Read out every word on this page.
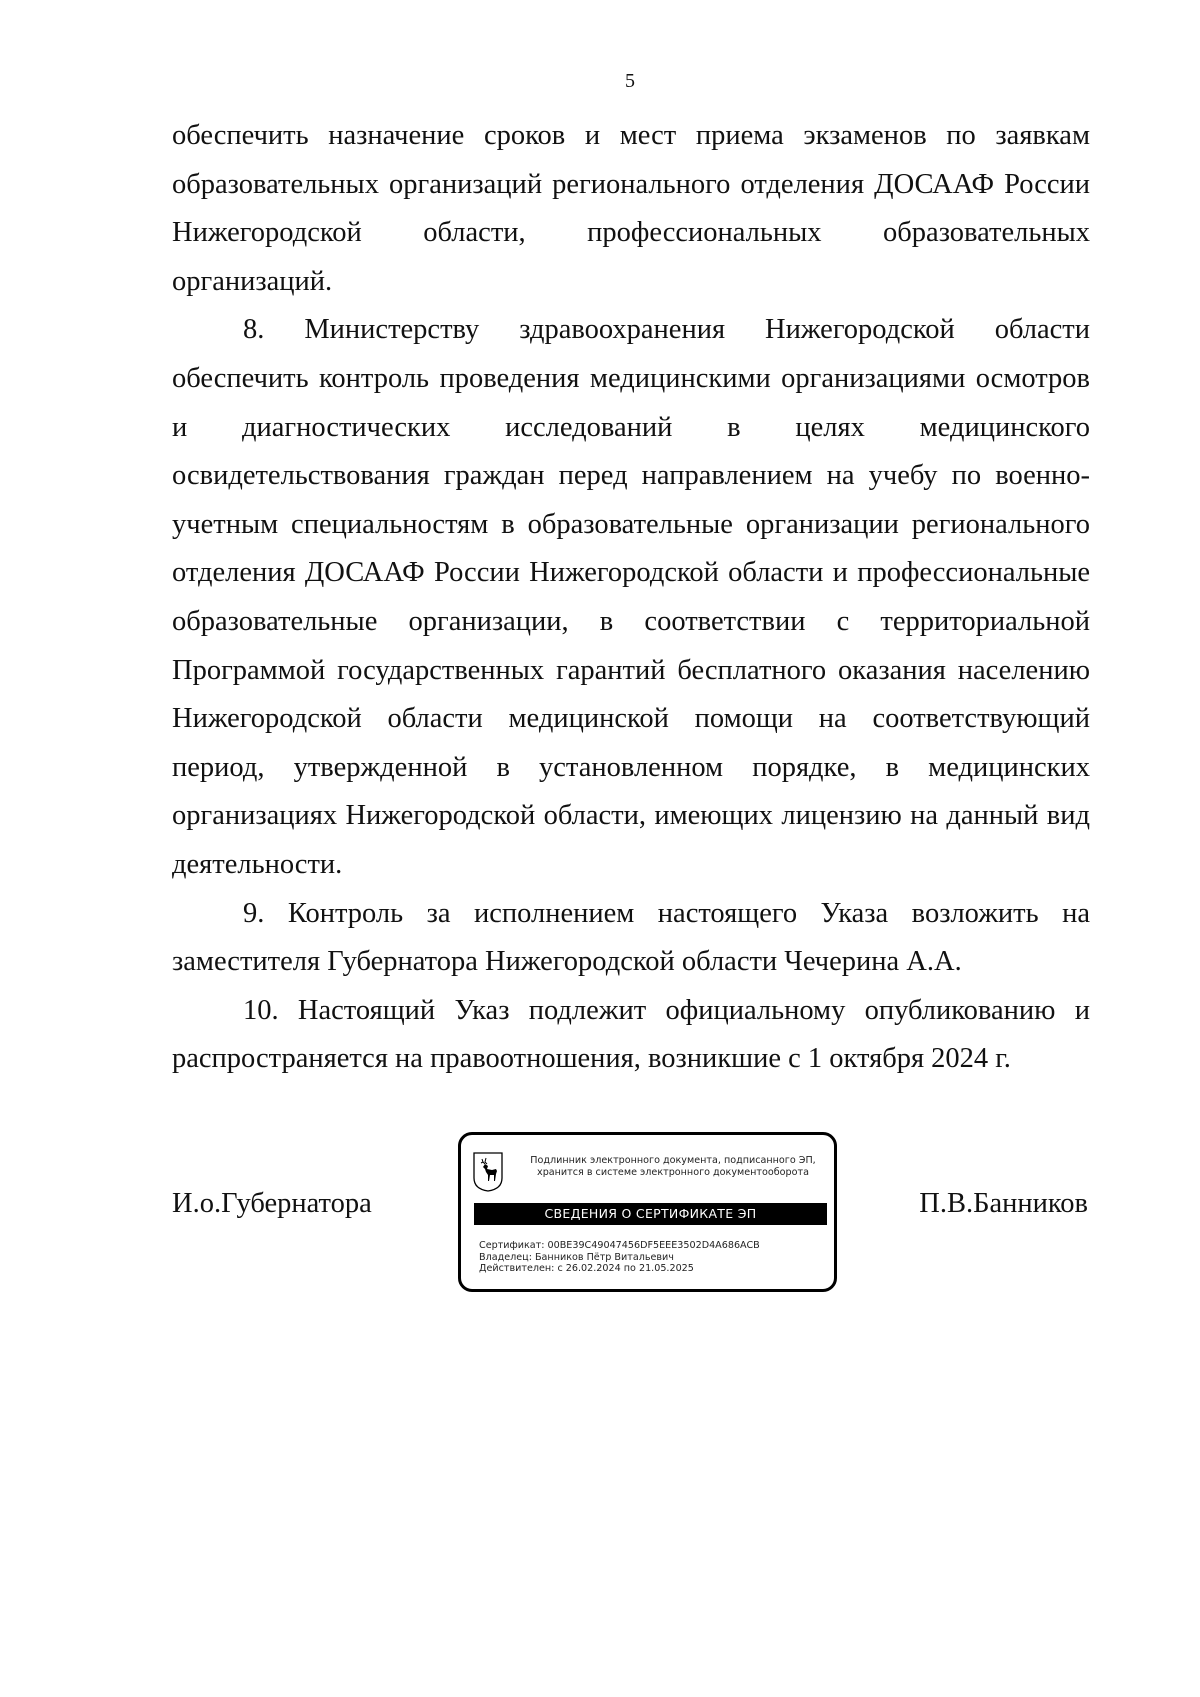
5

обеспечить назначение сроков и мест приема экзаменов по заявкам образовательных организаций регионального отделения ДОСААФ России Нижегородской области, профессиональных образовательных организаций.

8. Министерству здравоохранения Нижегородской области обеспечить контроль проведения медицинскими организациями осмотров и диагностических исследований в целях медицинского освидетельствования граждан перед направлением на учебу по военно-учетным специальностям в образовательные организации регионального отделения ДОСААФ России Нижегородской области и профессиональные образовательные организации, в соответствии с территориальной Программой государственных гарантий бесплатного оказания населению Нижегородской области медицинской помощи на соответствующий период, утвержденной в установленном порядке, в медицинских организациях Нижегородской области, имеющих лицензию на данный вид деятельности.

9. Контроль за исполнением настоящего Указа возложить на заместителя Губернатора Нижегородской области Чечерина А.А.

10. Настоящий Указ подлежит официальному опубликованию и распространяется на правоотношения, возникшие с 1 октября 2024 г.

И.о.Губернатора	П.В.Банников
Подлинник электронного документа, подписанного ЭП,
хранится в системе электронного документооборота
СВЕДЕНИЯ О СЕРТИФИКАТЕ ЭП
Сертификат: 00BE39C49047456DF5EEE3502D4A686ACB
Владелец: Банников Пётр Витальевич
Действителен: с 26.02.2024 по 21.05.2025
